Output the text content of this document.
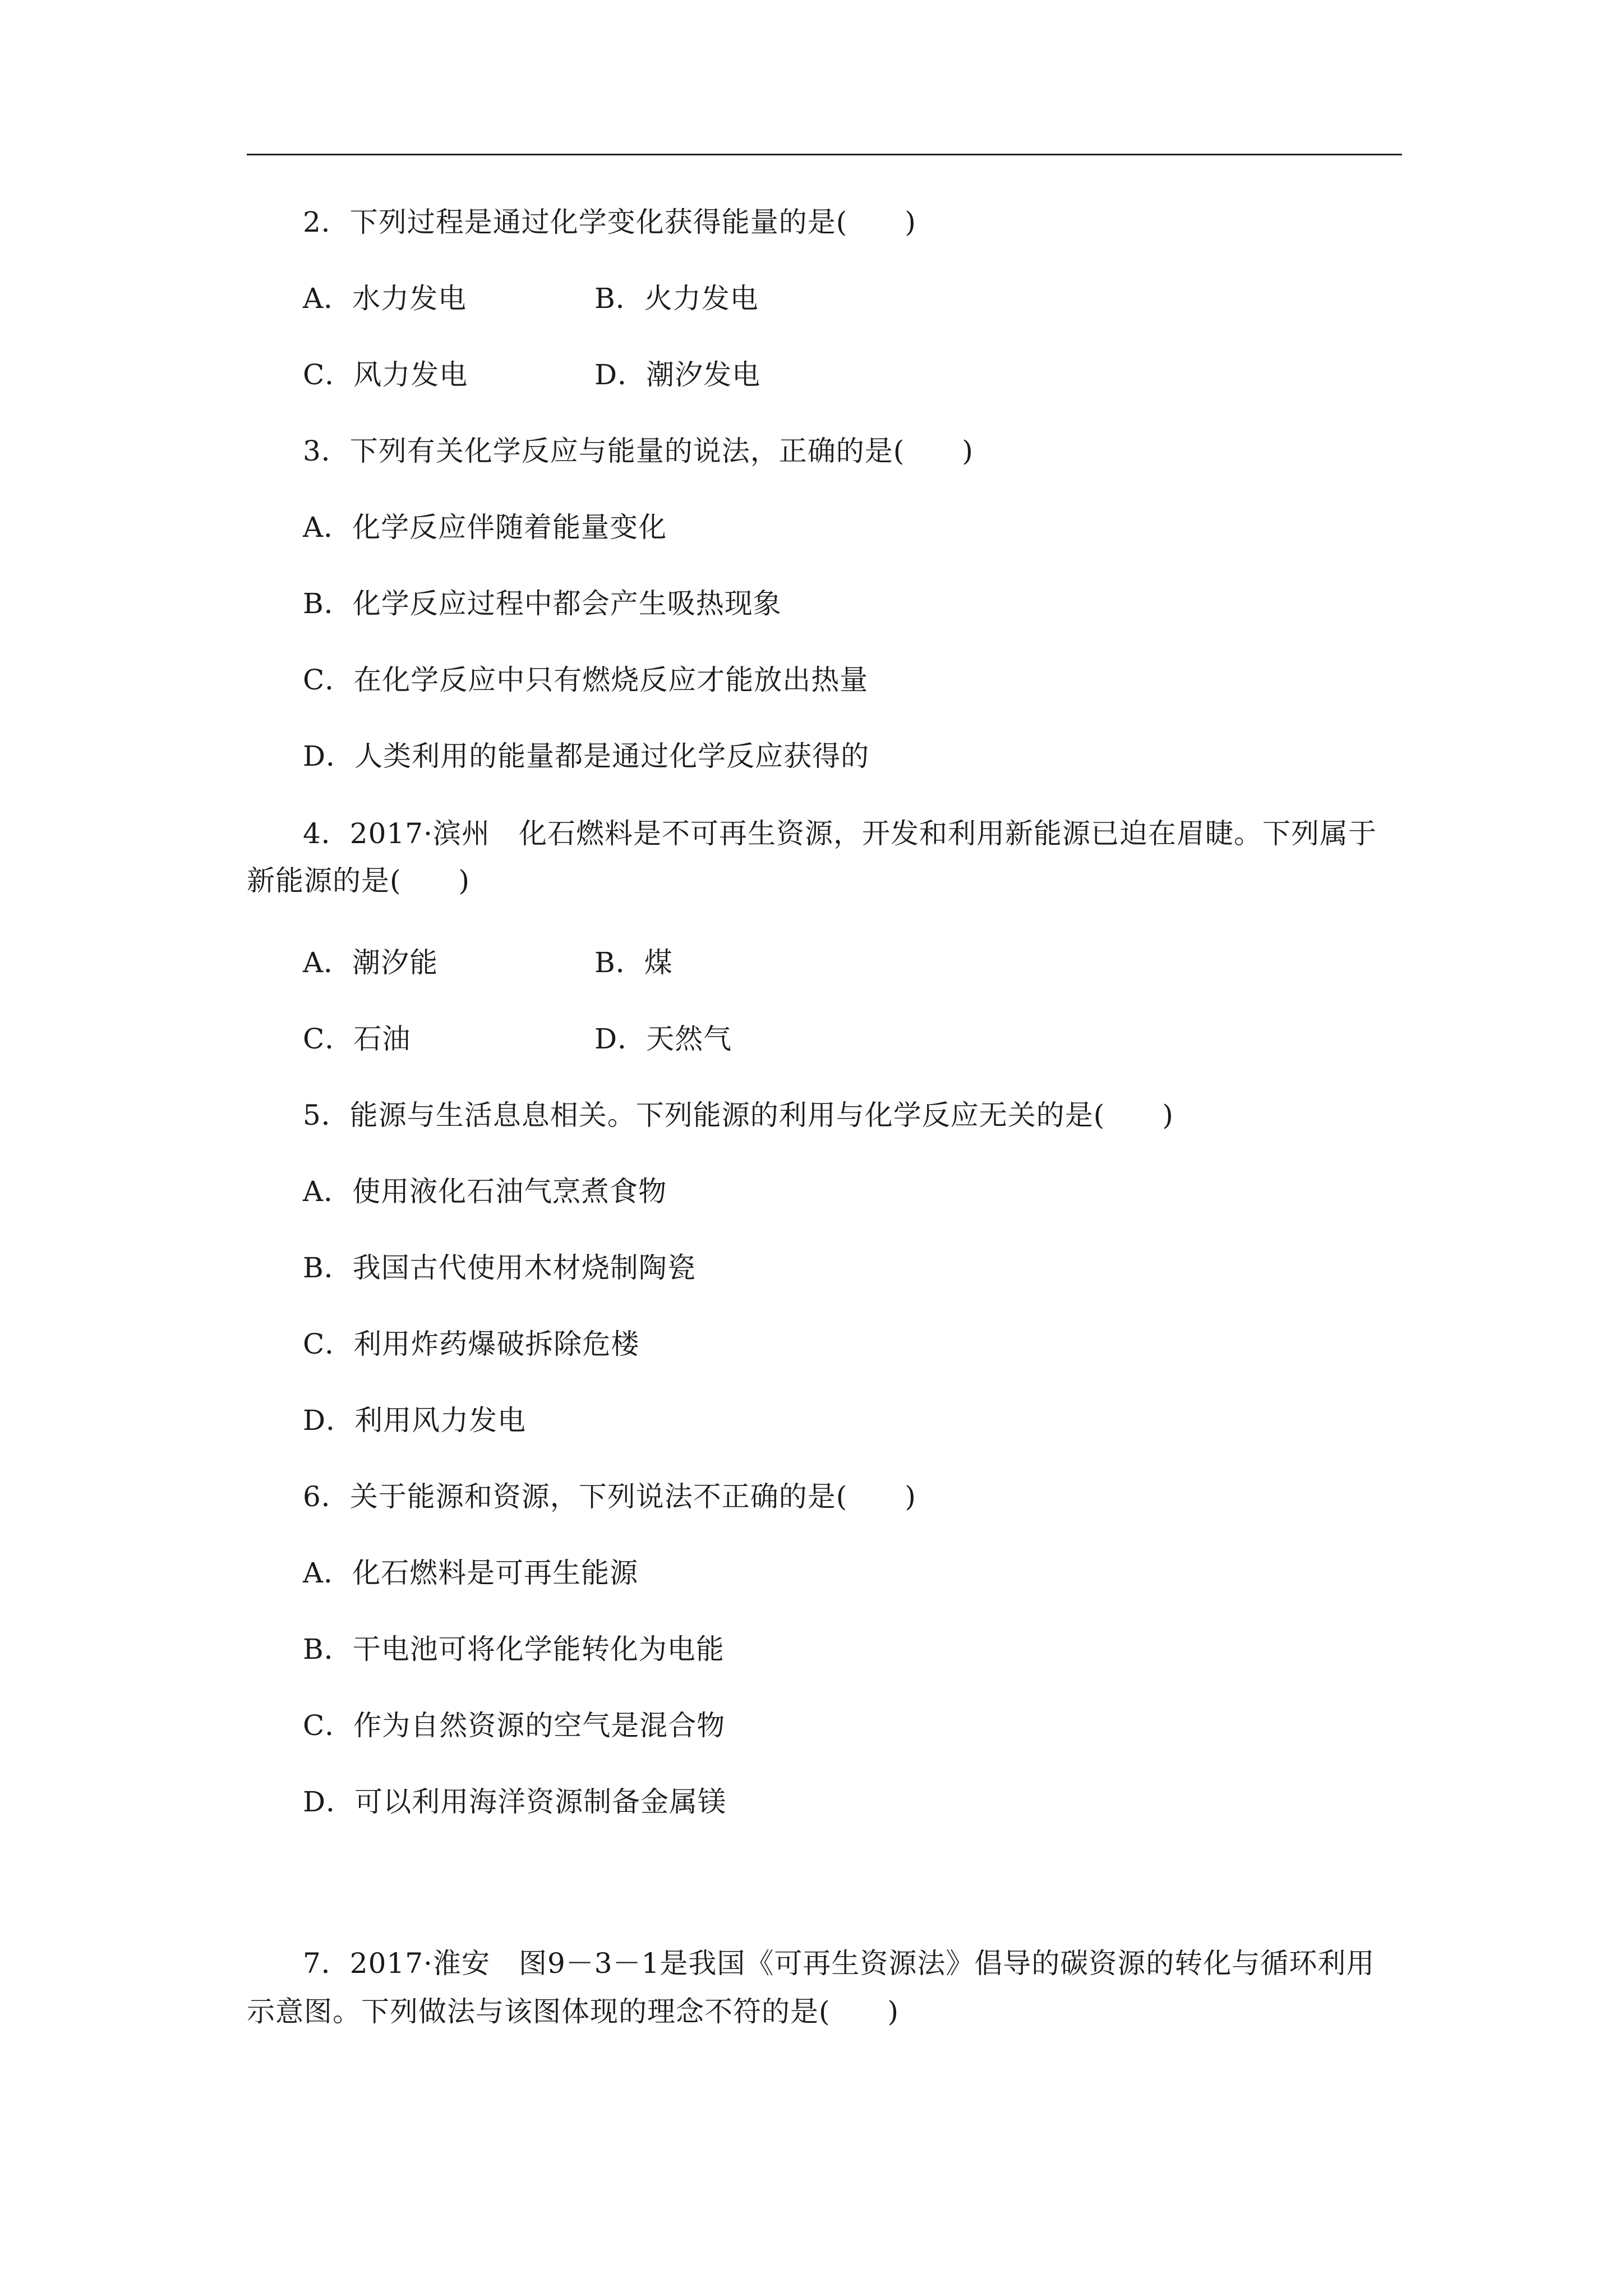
2．下列过程是通过化学变化获得能量的是(　　)
A．水力发电	B．火力发电
C．风力发电	D．潮汐发电
3．下列有关化学反应与能量的说法，正确的是(　　)
A．化学反应伴随着能量变化
B．化学反应过程中都会产生吸热现象
C．在化学反应中只有燃烧反应才能放出热量
D．人类利用的能量都是通过化学反应获得的
4．2017·滨州　化石燃料是不可再生资源，开发和利用新能源已迫在眉睫。下列属于
新能源的是(　　)
A．潮汐能	B．煤
C．石油	D．天然气
5．能源与生活息息相关。下列能源的利用与化学反应无关的是(　　)
A．使用液化石油气烹煮食物
B．我国古代使用木材烧制陶瓷
C．利用炸药爆破拆除危楼
D．利用风力发电
6．关于能源和资源，下列说法不正确的是(　　)
A．化石燃料是可再生能源
B．干电池可将化学能转化为电能
C．作为自然资源的空气是混合物
D．可以利用海洋资源制备金属镁
7．2017·淮安　图9－3－1是我国《可再生资源法》倡导的碳资源的转化与循环利用
示意图。下列做法与该图体现的理念不符的是(　　)
